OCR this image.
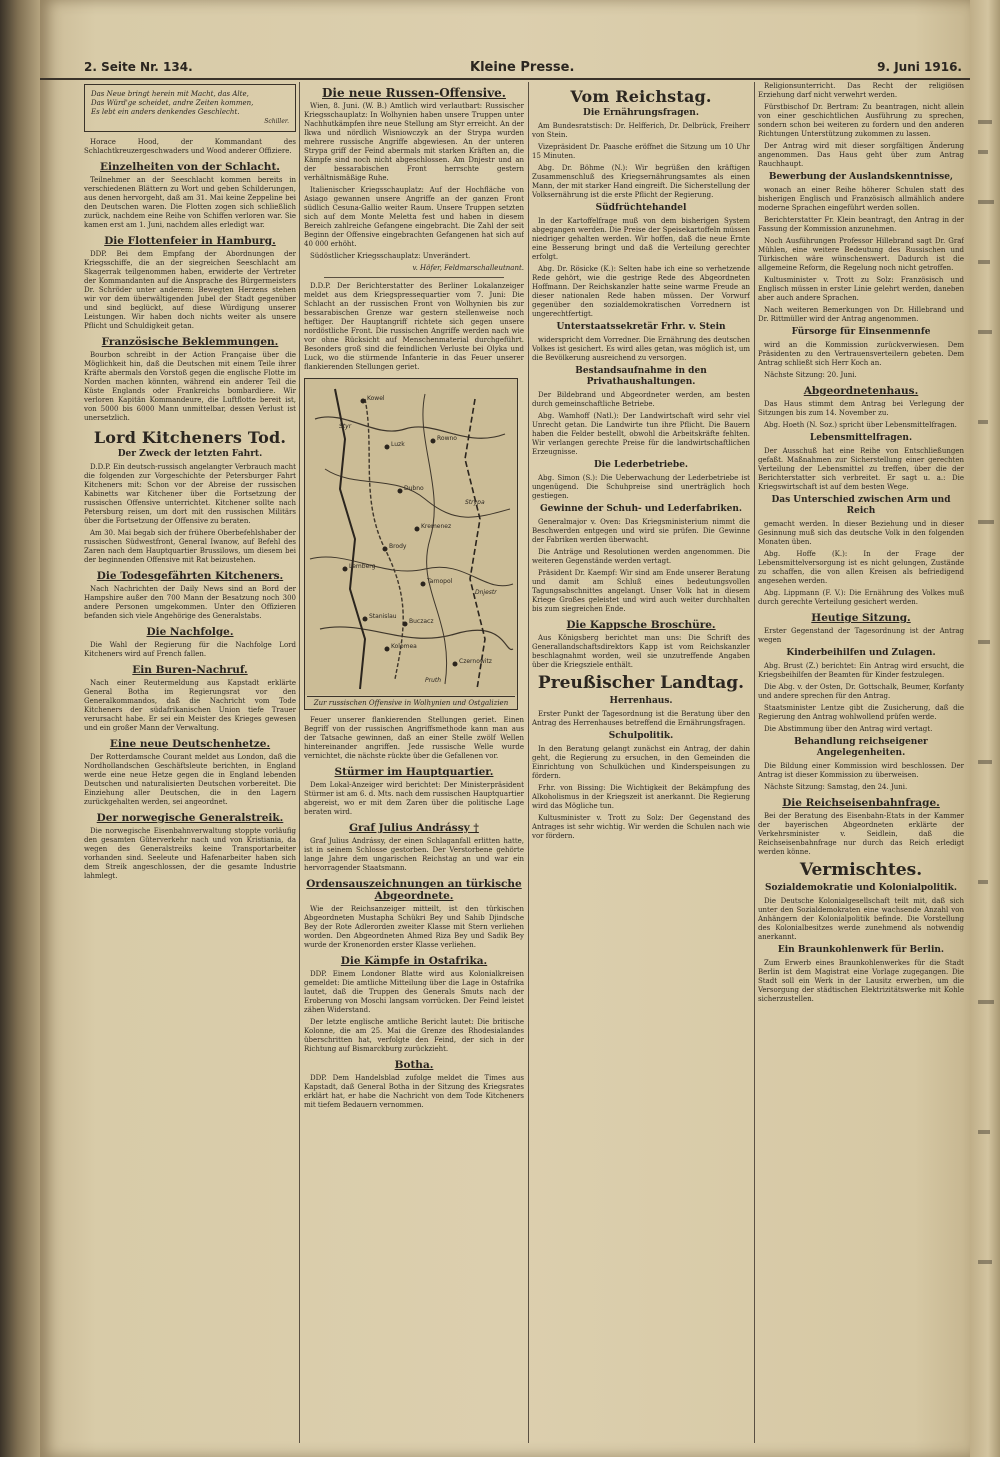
2. Seite Nr. 134.	Kleine Presse.	9. Juni 1916.
Das Neue bringt herein mit Macht, das Alte,
Das Würd'ge scheidet, andre Zeiten kommen,
Es lebt ein anders denkendes Geschlecht.
Schiller.

Horace Hood, der Kommandant des Schlachtkreuzergeschwaders und Wood anderer Offiziere.

Einzelheiten von der Schlacht.

Teilnehmer an der Seeschlacht kommen bereits in verschiedenen Blättern zu Wort und geben Schilderungen, aus denen hervorgeht, daß am 31. Mai keine Zeppeline bei den Deutschen waren. Die Flotten zogen sich schließlich zurück, nachdem eine Reihe von Schiffen verloren war. Sie kamen erst am 1. Juni, nachdem alles erledigt war.

Die Flottenfeier in Hamburg.

DDP. Bei dem Empfang der Abordnungen der Kriegsschiffe, die an der siegreichen Seeschlacht am Skagerrak teilgenommen haben, erwiderte der Vertreter der Kommandanten auf die Ansprache des Bürgermeisters Dr. Schröder unter anderem: Bewegten Herzens stehen wir vor dem überwältigenden Jubel der Stadt gegenüber und sind beglückt, auf diese Würdigung unserer Leistungen. Wir haben doch nichts weiter als unsere Pflicht und Schuldigkeit getan.

Französische Beklemmungen.

Bourbon schreibt in der Action Française über die Möglichkeit hin, daß die Deutschen mit einem Teile ihrer Kräfte abermals den Vorstoß gegen die englische Flotte im Norden machen könnten, während ein anderer Teil die Küste Englands oder Frankreichs bombardiere. Wir verloren Kapitän Kommandeure, die Luftflotte bereit ist, von 5000 bis 6000 Mann unmittelbar, dessen Verlust ist unersetzlich.

Lord Kitcheners Tod.
Der Zweck der letzten Fahrt.

D.D.P. Ein deutsch-russisch angelangter Verbrauch macht die folgenden zur Vorgeschichte der Petersburger Fahrt Kitcheners mit: Schon vor der Abreise der russischen Kabinetts war Kitchener über die Fortsetzung der russischen Offensive unterrichtet. Kitchener sollte nach Petersburg reisen, um dort mit den russischen Militärs über die Fortsetzung der Offensive zu beraten.

Am 30. Mai begab sich der frühere Oberbefehlshaber der russischen Südwestfront, General Iwanow, auf Befehl des Zaren nach dem Hauptquartier Brussilows, um diesem bei der beginnenden Offensive mit Rat beizustehen.

Die Todesgefährten Kitcheners.

Nach Nachrichten der Daily News sind an Bord der Hampshire außer den 700 Mann der Besatzung noch 300 andere Personen umgekommen. Unter den Offizieren befanden sich viele Angehörige des Generalstabs.

Die Nachfolge.

Die Wahl der Regierung für die Nachfolge Lord Kitcheners wird auf French fallen.

Ein Buren-Nachruf.

Nach einer Reutermeldung aus Kapstadt erklärte General Botha im Regierungsrat vor den Generalkommandos, daß die Nachricht vom Tode Kitcheners der südafrikanischen Union tiefe Trauer verursacht habe. Er sei ein Meister des Krieges gewesen und ein großer Mann der Verwaltung.

Eine neue Deutschenhetze.

Der Rotterdamsche Courant meldet aus London, daß die Nordhollandschen Geschäftsleute berichten, in England werde eine neue Hetze gegen die in England lebenden Deutschen und naturalisierten Deutschen vorbereitet. Die Einziehung aller Deutschen, die in den Lagern zurückgehalten werden, sei angeordnet.

Der norwegische Generalstreik.

Die norwegische Eisenbahnverwaltung stoppte vorläufig den gesamten Güterverkehr nach und von Kristiania, da wegen des Generalstreiks keine Transportarbeiter vorhanden sind. Seeleute und Hafenarbeiter haben sich dem Streik angeschlossen, der die gesamte Industrie lahmlegt.

Die neue Russen-Offensive.

Wien, 8. Juni. (W. B.) Amtlich wird verlautbart: Russischer Kriegsschauplatz: In Wolhynien haben unsere Truppen unter Nachhutkämpfen ihre neue Stellung am Styr erreicht. An der Ikwa und nördlich Wisniowczyk an der Strypa wurden mehrere russische Angriffe abgewiesen. An der unteren Strypa griff der Feind abermals mit starken Kräften an, die Kämpfe sind noch nicht abgeschlossen. Am Dnjestr und an der bessarabischen Front herrschte gestern verhältnismäßige Ruhe.

Italienischer Kriegsschauplatz: Auf der Hochfläche von Asiago gewannen unsere Angriffe an der ganzen Front südlich Cesuna-Gallio weiter Raum. Unsere Truppen setzten sich auf dem Monte Meletta fest und haben in diesem Bereich zahlreiche Gefangene eingebracht. Die Zahl der seit Beginn der Offensive eingebrachten Gefangenen hat sich auf 40 000 erhöht.

Südöstlicher Kriegsschauplatz: Unverändert.

v. Höfer, Feldmarschalleutnant.

D.D.P. Der Berichterstatter des Berliner Lokalanzeiger meldet aus dem Kriegspressequartier vom 7. Juni: Die Schlacht an der russischen Front von Wolhynien bis zur bessarabischen Grenze war gestern stellenweise noch heftiger. Der Hauptangriff richtete sich gegen unsere nordöstliche Front. Die russischen Angriffe werden nach wie vor ohne Rücksicht auf Menschenmaterial durchgeführt. Besonders groß sind die feindlichen Verluste bei Olyka und Luck, wo die stürmende Infanterie in das Feuer unserer flankierenden Stellungen geriet.

Kowel
Luzk
Rowno
Dubno
Kremenez
Brody
Lemberg
Tarnopol
Buczacz
Czernowitz
Kolomea
Stanislau
Styr
Strypa
Dnjestr
Pruth
Zur russischen Offensive in Wolhynien und Ostgalizien

Feuer unserer flankierenden Stellungen geriet. Einen Begriff von der russischen Angriffsmethode kann man aus der Tatsache gewinnen, daß an einer Stelle zwölf Wellen hintereinander angriffen. Jede russische Welle wurde vernichtet, die nächste rückte über die Gefallenen vor.

Stürmer im Hauptquartier.

Dem Lokal-Anzeiger wird berichtet: Der Ministerpräsident Stürmer ist am 6. d. Mts. nach dem russischen Hauptquartier abgereist, wo er mit dem Zaren über die politische Lage beraten wird.

Graf Julius Andrássy †

Graf Julius Andrássy, der einen Schlaganfall erlitten hatte, ist in seinem Schlosse gestorben. Der Verstorbene gehörte lange Jahre dem ungarischen Reichstag an und war ein hervorragender Staatsmann.

Ordensauszeichnungen an türkische Abgeordnete.

Wie der Reichsanzeiger mitteilt, ist den türkischen Abgeordneten Mustapha Schükri Bey und Sahib Djindsche Bey der Rote Adlerorden zweiter Klasse mit Stern verliehen worden. Den Abgeordneten Ahmed Riza Bey und Sadik Bey wurde der Kronenorden erster Klasse verliehen.

Die Kämpfe in Ostafrika.

DDP. Einem Londoner Blatte wird aus Kolonialkreisen gemeldet: Die amtliche Mitteilung über die Lage in Ostafrika lautet, daß die Truppen des Generals Smuts nach der Eroberung von Moschi langsam vorrücken. Der Feind leistet zähen Widerstand.

Der letzte englische amtliche Bericht lautet: Die britische Kolonne, die am 25. Mai die Grenze des Rhodesialandes überschritten hat, verfolgte den Feind, der sich in der Richtung auf Bismarckburg zurückzieht.

Botha.

DDP. Dem Handelsblad zufolge meldet die Times aus Kapstadt, daß General Botha in der Sitzung des Kriegsrates erklärt hat, er habe die Nachricht von dem Tode Kitcheners mit tiefem Bedauern vernommen.

Vom Reichstag.
Die Ernährungsfragen.

Am Bundesratstisch: Dr. Helfferich, Dr. Delbrück, Freiherr von Stein.

Vizepräsident Dr. Paasche eröffnet die Sitzung um 10 Uhr 15 Minuten.

Abg. Dr. Böhme (N.): Wir begrüßen den kräftigen Zusammenschluß des Kriegsernährungsamtes als einen Mann, der mit starker Hand eingreift. Die Sicherstellung der Volksernährung ist die erste Pflicht der Regierung.

Südfrüchtehandel

In der Kartoffelfrage muß von dem bisherigen System abgegangen werden. Die Preise der Speisekartoffeln müssen niedriger gehalten werden. Wir hoffen, daß die neue Ernte eine Besserung bringt und daß die Verteilung gerechter erfolgt.

Abg. Dr. Rösicke (K.): Selten habe ich eine so verhetzende Rede gehört, wie die gestrige Rede des Abgeordneten Hoffmann. Der Reichskanzler hatte seine warme Freude an dieser nationalen Rede haben müssen. Der Vorwurf gegenüber den sozialdemokratischen Vorrednern ist ungerechtfertigt.

Unterstaatssekretär Frhr. v. Stein

widerspricht dem Vorredner. Die Ernährung des deutschen Volkes ist gesichert. Es wird alles getan, was möglich ist, um die Bevölkerung ausreichend zu versorgen.

Bestandsaufnahme in den Privathaushaltungen.

Der Bildebrand und Abgeordneter werden, am besten durch gemeinschaftliche Betriebe.

Abg. Wamhoff (Natl.): Der Landwirtschaft wird sehr viel Unrecht getan. Die Landwirte tun ihre Pflicht. Die Bauern haben die Felder bestellt, obwohl die Arbeitskräfte fehlten. Wir verlangen gerechte Preise für die landwirtschaftlichen Erzeugnisse.

Die Lederbetriebe.

Abg. Simon (S.): Die Ueberwachung der Lederbetriebe ist ungenügend. Die Schuhpreise sind unerträglich hoch gestiegen.

Gewinne der Schuh- und Lederfabriken.

Generalmajor v. Oven: Das Kriegsministerium nimmt die Beschwerden entgegen und wird sie prüfen. Die Gewinne der Fabriken werden überwacht.

Die Anträge und Resolutionen werden angenommen. Die weiteren Gegenstände werden vertagt.

Präsident Dr. Kaempf: Wir sind am Ende unserer Beratung und damit am Schluß eines bedeutungsvollen Tagungsabschnittes angelangt. Unser Volk hat in diesem Kriege Großes geleistet und wird auch weiter durchhalten bis zum siegreichen Ende.

Die Kappsche Broschüre.

Aus Königsberg berichtet man uns: Die Schrift des Generallandschaftsdirektors Kapp ist vom Reichskanzler beschlagnahmt worden, weil sie unzutreffende Angaben über die Kriegsziele enthält.

Preußischer Landtag.
Herrenhaus.

Erster Punkt der Tagesordnung ist die Beratung über den Antrag des Herrenhauses betreffend die Ernährungsfragen.

Schulpolitik.

In den Beratung gelangt zunächst ein Antrag, der dahin geht, die Regierung zu ersuchen, in den Gemeinden die Einrichtung von Schulküchen und Kinderspeisungen zu fördern.

Frhr. von Bissing: Die Wichtigkeit der Bekämpfung des Alkoholismus in der Kriegszeit ist anerkannt. Die Regierung wird das Mögliche tun.

Kultusminister v. Trott zu Solz: Der Gegenstand des Antrages ist sehr wichtig. Wir werden die Schulen nach wie vor fördern.

Religionsunterricht. Das Recht der religiösen Erziehung darf nicht verwehrt werden.

Fürstbischof Dr. Bertram: Zu beantragen, nicht allein von einer geschichtlichen Ausführung zu sprechen, sondern schon bei weiteren zu fordern und den anderen Richtungen Unterstützung zukommen zu lassen.

Der Antrag wird mit dieser sorgfältigen Änderung angenommen. Das Haus geht über zum Antrag Rauchhaupt.

Bewerbung der Auslandskenntnisse,

wonach an einer Reihe höherer Schulen statt des bisherigen Englisch und Französisch allmählich andere moderne Sprachen eingeführt werden sollen.

Berichterstatter Fr. Klein beantragt, den Antrag in der Fassung der Kommission anzunehmen.

Noch Ausführungen Professor Hillebrand sagt Dr. Graf Mühlen, eine weitere Bedeutung des Russischen und Türkischen wäre wünschenswert. Dadurch ist die allgemeine Reform, die Regelung noch nicht getroffen.

Kultusminister v. Trott zu Solz: Französisch und Englisch müssen in erster Linie gelehrt werden, daneben aber auch andere Sprachen.

Nach weiteren Bemerkungen von Dr. Hillebrand und Dr. Rittmüller wird der Antrag angenommen.

Fürsorge für Einsenmennfe

wird an die Kommission zurückverwiesen. Dem Präsidenten zu den Vertrauensverteilern gebeten. Dem Antrag schließt sich Herr Koch an.

Nächste Sitzung: 20. Juni.

Abgeordnetenhaus.

Das Haus stimmt dem Antrag bei Verlegung der Sitzungen bis zum 14. November zu.

Abg. Hoeth (N. Soz.) spricht über Lebensmittelfragen.

Lebensmittelfragen.

Der Ausschuß hat eine Reihe von Entschließungen gefaßt. Maßnahmen zur Sicherstellung einer gerechten Verteilung der Lebensmittel zu treffen, über die der Berichterstatter sich verbreitet. Er sagt u. a.: Die Kriegswirtschaft ist auf dem besten Wege.

Das Unterschied zwischen Arm und Reich

gemacht werden. In dieser Beziehung und in dieser Gesinnung muß sich das deutsche Volk in den folgenden Monaten üben.

Abg. Hoffe (K.): In der Frage der Lebensmittelversorgung ist es nicht gelungen, Zustände zu schaffen, die von allen Kreisen als befriedigend angesehen werden.

Abg. Lippmann (F. V.): Die Ernährung des Volkes muß durch gerechte Verteilung gesichert werden.

Heutige Sitzung.

Erster Gegenstand der Tagesordnung ist der Antrag wegen

Kinderbeihilfen und Zulagen.

Abg. Brust (Z.) berichtet: Ein Antrag wird ersucht, die Kriegsbeihilfen der Beamten für Kinder festzulegen.

Die Abg. v. der Osten, Dr. Gottschalk, Beumer, Korfanty und andere sprechen für den Antrag.

Staatsminister Lentze gibt die Zusicherung, daß die Regierung den Antrag wohlwollend prüfen werde.

Die Abstimmung über den Antrag wird vertagt.

Behandlung reichseigener Angelegenheiten.

Die Bildung einer Kommission wird beschlossen. Der Antrag ist dieser Kommission zu überweisen.

Nächste Sitzung: Samstag, den 24. Juni.

Die Reichseisenbahnfrage.

Bei der Beratung des Eisenbahn-Etats in der Kammer der bayerischen Abgeordneten erklärte der Verkehrsminister v. Seidlein, daß die Reichseisenbahnfrage nur durch das Reich erledigt werden könne.

Vermischtes.
Sozialdemokratie und Kolonialpolitik.

Die Deutsche Kolonialgesellschaft teilt mit, daß sich unter den Sozialdemokraten eine wachsende Anzahl von Anhängern der Kolonialpolitik befinde. Die Vorstellung des Kolonialbesitzes werde zunehmend als notwendig anerkannt.

Ein Braunkohlenwerk für Berlin.

Zum Erwerb eines Braunkohlenwerkes für die Stadt Berlin ist dem Magistrat eine Vorlage zugegangen. Die Stadt soll ein Werk in der Lausitz erwerben, um die Versorgung der städtischen Elektrizitätswerke mit Kohle sicherzustellen.
